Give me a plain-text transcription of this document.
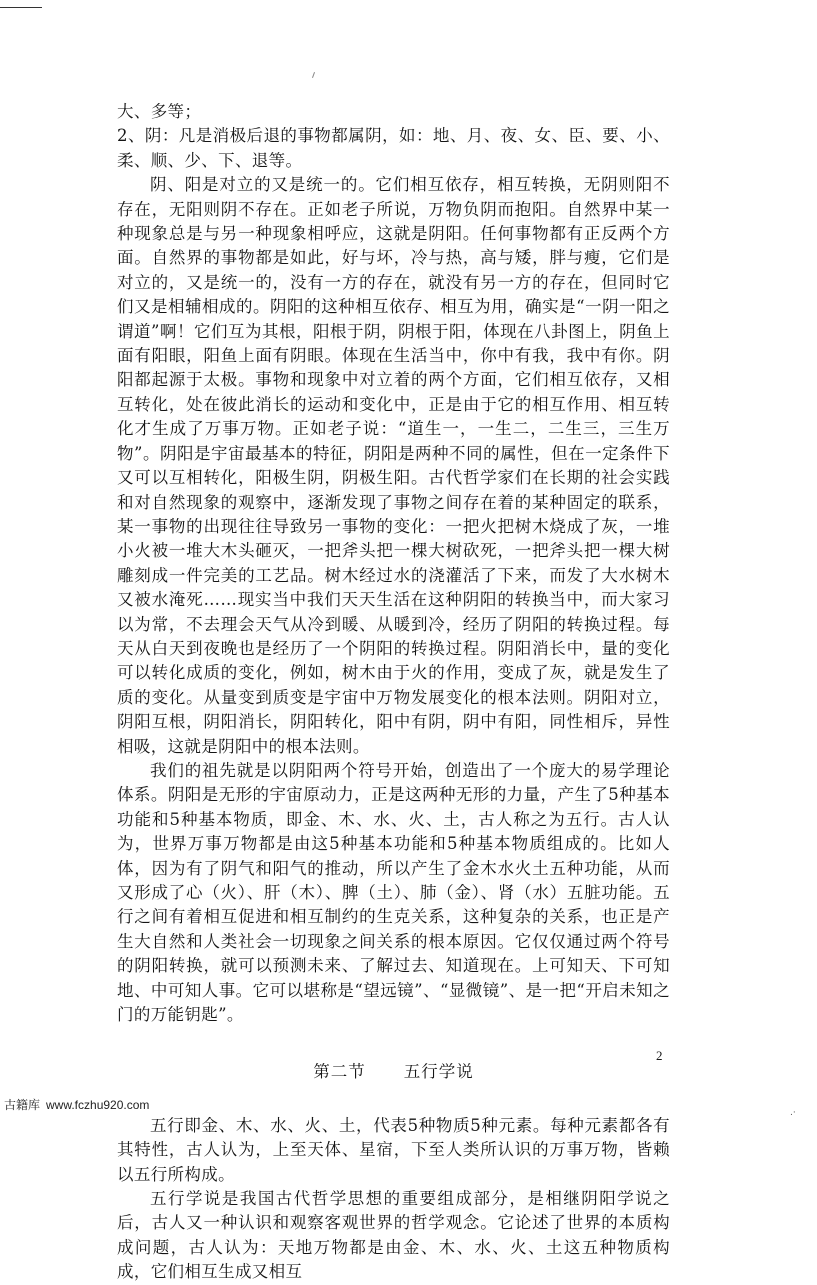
大、多等；

2、阴：凡是消极后退的事物都属阴，如：地、月、夜、女、臣、要、小、柔、顺、少、下、退等。

阴、阳是对立的又是统一的。它们相互依存，相互转换，无阴则阳不存在，无阳则阴不存在。正如老子所说，万物负阴而抱阳。自然界中某一种现象总是与另一种现象相呼应，这就是阴阳。任何事物都有正反两个方面。自然界的事物都是如此，好与坏，冷与热，高与矮，胖与瘦，它们是对立的，又是统一的，没有一方的存在，就没有另一方的存在，但同时它们又是相辅相成的。阴阳的这种相互依存、相互为用，确实是“一阴一阳之谓道”啊！它们互为其根，阳根于阴，阴根于阳，体现在八卦图上，阴鱼上面有阳眼，阳鱼上面有阴眼。体现在生活当中，你中有我，我中有你。阴阳都起源于太极。事物和现象中对立着的两个方面，它们相互依存，又相互转化，处在彼此消长的运动和变化中，正是由于它的相互作用、相互转化才生成了万事万物。正如老子说：“道生一，一生二，二生三，三生万物”。阴阳是宇宙最基本的特征，阴阳是两种不同的属性，但在一定条件下又可以互相转化，阳极生阴，阴极生阳。古代哲学家们在长期的社会实践和对自然现象的观察中，逐渐发现了事物之间存在着的某种固定的联系，某一事物的出现往往导致另一事物的变化：一把火把树木烧成了灰，一堆小火被一堆大木头砸灭，一把斧头把一棵大树砍死，一把斧头把一棵大树雕刻成一件完美的工艺品。树木经过水的浇灌活了下来，而发了大水树木又被水淹死……现实当中我们天天生活在这种阴阳的转换当中，而大家习以为常，不去理会天气从冷到暖、从暖到冷，经历了阴阳的转换过程。每天从白天到夜晚也是经历了一个阴阳的转换过程。阴阳消长中，量的变化可以转化成质的变化，例如，树木由于火的作用，变成了灰，就是发生了质的变化。从量变到质变是宇宙中万物发展变化的根本法则。阴阳对立，阴阳互根，阴阳消长，阴阳转化，阳中有阴，阴中有阳，同性相斥，异性相吸，这就是阴阳中的根本法则。

我们的祖先就是以阴阳两个符号开始，创造出了一个庞大的易学理论体系。阴阳是无形的宇宙原动力，正是这两种无形的力量，产生了5种基本功能和5种基本物质，即金、木、水、火、土，古人称之为五行。古人认为，世界万事万物都是由这5种基本功能和5种基本物质组成的。比如人体，因为有了阴气和阳气的推动，所以产生了金木水火土五种功能，从而又形成了心（火）、肝（木）、脾（土）、肺（金）、肾（水）五脏功能。五行之间有着相互促进和相互制约的生克关系，这种复杂的关系，也正是产生大自然和人类社会一切现象之间关系的根本原因。它仅仅通过两个符号的阴阳转换，就可以预测未来、了解过去、知道现在。上可知天、下可知地、中可知人事。它可以堪称是“望远镜”、“显微镜”、是一把“开启未知之门的万能钥匙”。

第二节 五行学说

五行即金、木、水、火、土，代表5种物质5种元素。每种元素都各有其特性，古人认为，上至天体、星宿，下至人类所认识的万事万物，皆赖以五行所构成。

五行学说是我国古代哲学思想的重要组成部分，是相继阴阳学说之后，古人又一种认识和观察客观世界的哲学观念。它论述了世界的本质构成问题，古人认为：天地万物都是由金、木、水、火、土这五种物质构成，它们相互生成又相互

2
古籍库 www.fczhu920.com
.·
